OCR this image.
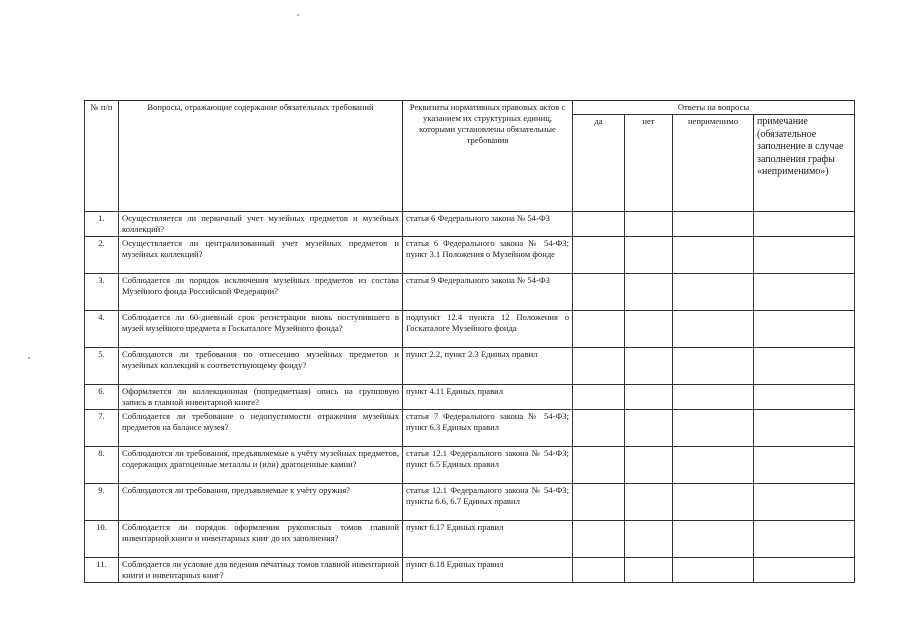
№ п/п	Вопросы, отражающие содержание обязательных требований	Реквизиты нормативных правовых актов с указанием их структурных единиц, которыми установлены обязательные требования	Ответы на вопросы			
			да	нет	неприменимо	примечание (обязательное заполнение в случае заполнения графы «неприменимо»)
1.	Осуществляется ли первичный учет музейных предметов и музейных коллекций?	статья 6 Федерального закона № 54-ФЗ				
2.	Осуществляется ли централизованный учет музейных предметов и музейных коллекций?	статья 6 Федерального закона № 54-ФЗ; пункт 3.1 Положения о Музейном фонде				
3.	Соблюдается ли порядок исключения музейных предметов из состава Музейного фонда Российской Федерации?	статья 9 Федерального закона № 54-ФЗ				
4.	Соблюдается ли 60-дневный срок регистрации вновь поступившего в музей музейного предмета в Госкаталоге Музейного фонда?	подпункт 12.4 пункта 12 Положения о Госкаталоге Музейного фонда				
5.	Соблюдаются ли требования по отнесению музейных предметов и музейных коллекций к соответствующему фонду?	пункт 2.2, пункт 2.3 Единых правил				
6.	Оформляется ли коллекционная (попредметная) опись на групповую запись в главной инвентарной книге?	пункт 4.11 Единых правил				
7.	Соблюдается ли требование о недопустимости отражения музейных предметов на балансе музея?	статья 7 Федерального закона № 54-ФЗ; пункт 6.3 Единых правил				
8.	Соблюдаются ли требования, предъявляемые к учёту музейных предметов, содержащих драгоценные металлы и (или) драгоценные камни?	статья 12.1 Федерального закона № 54-ФЗ; пункт 6.5 Единых правил				
9.	Соблюдаются ли требования, предъявляемые к учёту оружия?	статья 12.1 Федерального закона № 54-ФЗ; пункты 6.6, 6.7 Единых правил				
10.	Соблюдается ли порядок оформления рукописных томов главной инвентарной книги и инвентарных книг до их заполнения?	пункт 6.17 Единых правил				
11.	Соблюдается ли условие для ведения печатных томов главной инвентарной книги и инвентарных книг?	пункт 6.18 Единых правил				
